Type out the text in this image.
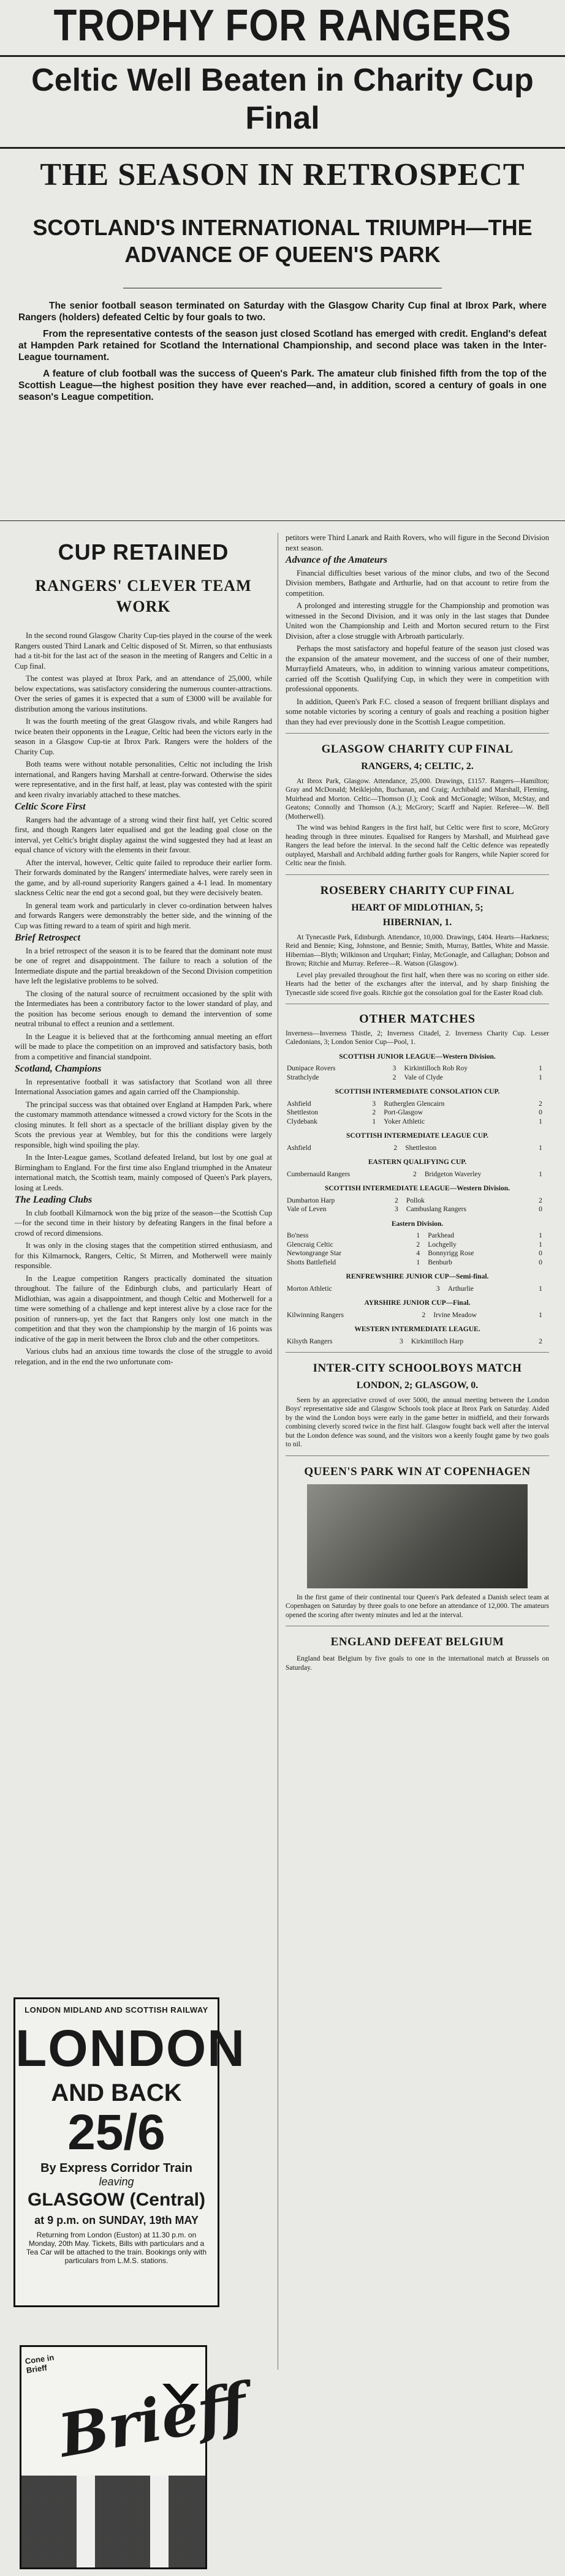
TROPHY FOR RANGERS
Celtic Well Beaten in Charity Cup Final
THE SEASON IN RETROSPECT
SCOTLAND'S INTERNATIONAL TRIUMPH—THE ADVANCE OF QUEEN'S PARK

The senior football season terminated on Saturday with the Glasgow Charity Cup final at Ibrox Park, where Rangers (holders) defeated Celtic by four goals to two.

From the representative contests of the season just closed Scotland has emerged with credit. England's defeat at Hampden Park retained for Scotland the International Championship, and second place was taken in the Inter-League tournament.

A feature of club football was the success of Queen's Park. The amateur club finished fifth from the top of the Scottish League—the highest position they have ever reached—and, in addition, scored a century of goals in one season's League competition.

CUP RETAINED
RANGERS' CLEVER TEAM WORK

In the second round Glasgow Charity Cup-ties played in the course of the week Rangers ousted Third Lanark and Celtic disposed of St. Mirren, so that enthusiasts had a tit-bit for the last act of the season in the meeting of Rangers and Celtic in a Cup final.

The contest was played at Ibrox Park, and an attendance of 25,000, while below expectations, was satisfactory considering the numerous counter-attractions. Over the series of games it is expected that a sum of £3000 will be available for distribution among the various institutions.

It was the fourth meeting of the great Glasgow rivals, and while Rangers had twice beaten their opponents in the League, Celtic had been the victors early in the season in a Glasgow Cup-tie at Ibrox Park. Rangers were the holders of the Charity Cup.

Both teams were without notable personalities, Celtic not including the Irish international, and Rangers having Marshall at centre-forward. Otherwise the sides were representative, and in the first half, at least, play was contested with the spirit and keen rivalry invariably attached to these matches.

Celtic Score First

Rangers had the advantage of a strong wind their first half, yet Celtic scored first, and though Rangers later equalised and got the leading goal close on the interval, yet Celtic's bright display against the wind suggested they had at least an equal chance of victory with the elements in their favour.

After the interval, however, Celtic quite failed to reproduce their earlier form. Their forwards dominated by the Rangers' intermediate halves, were rarely seen in the game, and by all-round superiority Rangers gained a 4-1 lead. In momentary slackness Celtic near the end got a second goal, but they were decisively beaten.

In general team work and particularly in clever co-ordination between halves and forwards Rangers were demonstrably the better side, and the winning of the Cup was fitting reward to a team of spirit and high merit.

Brief Retrospect

In a brief retrospect of the season it is to be feared that the dominant note must be one of regret and disappointment. The failure to reach a solution of the Intermediate dispute and the partial breakdown of the Second Division competition have left the legislative problems to be solved.

The closing of the natural source of recruitment occasioned by the split with the Intermediates has been a contributory factor to the lower standard of play, and the position has become serious enough to demand the intervention of some neutral tribunal to effect a reunion and a settlement.

In the League it is believed that at the forthcoming annual meeting an effort will be made to place the competition on an improved and satisfactory basis, both from a competitive and financial standpoint.

Scotland, Champions

In representative football it was satisfactory that Scotland won all three International Association games and again carried off the Championship.

The principal success was that obtained over England at Hampden Park, where the customary mammoth attendance witnessed a crowd victory for the Scots in the closing minutes. It fell short as a spectacle of the brilliant display given by the Scots the previous year at Wembley, but for this the conditions were largely responsible, high wind spoiling the play.

In the Inter-League games, Scotland defeated Ireland, but lost by one goal at Birmingham to England. For the first time also England triumphed in the Amateur international match, the Scottish team, mainly composed of Queen's Park players, losing at Leeds.

The Leading Clubs

In club football Kilmarnock won the big prize of the season—the Scottish Cup—for the second time in their history by defeating Rangers in the final before a crowd of record dimensions.

It was only in the closing stages that the competition stirred enthusiasm, and for this Kilmarnock, Rangers, Celtic, St Mirren, and Motherwell were mainly responsible.

In the League competition Rangers practically dominated the situation throughout. The failure of the Edinburgh clubs, and particularly Heart of Midlothian, was again a disappointment, and though Celtic and Motherwell for a time were something of a challenge and kept interest alive by a close race for the position of runners-up, yet the fact that Rangers only lost one match in the competition and that they won the championship by the margin of 16 points was indicative of the gap in merit between the Ibrox club and the other competitors.

Various clubs had an anxious time towards the close of the struggle to avoid relegation, and in the end the two unfortunate com-

LONDON MIDLAND AND SCOTTISH RAILWAY
LONDON
AND BACK
25/6
By Express Corridor Train
leaving
GLASGOW (Central)
at 9 p.m. on SUNDAY, 19th MAY
Returning from London (Euston) at 11.30 p.m. on Monday, 20th May. Tickets, Bills with particulars and a Tea Car will be attached to the train. Bookings only with particulars from L.M.S. stations.
Cone in Brieff
Brieff

petitors were Third Lanark and Raith Rovers, who will figure in the Second Division next season.

Advance of the Amateurs

Financial difficulties beset various of the minor clubs, and two of the Second Division members, Bathgate and Arthurlie, had on that account to retire from the competition.

A prolonged and interesting struggle for the Championship and promotion was witnessed in the Second Division, and it was only in the last stages that Dundee United won the Championship and Leith and Morton secured return to the First Division, after a close struggle with Arbroath particularly.

Perhaps the most satisfactory and hopeful feature of the season just closed was the expansion of the amateur movement, and the success of one of their number, Murrayfield Amateurs, who, in addition to winning various amateur competitions, carried off the Scottish Qualifying Cup, in which they were in competition with professional opponents.

In addition, Queen's Park F.C. closed a season of frequent brilliant displays and some notable victories by scoring a century of goals and reaching a position higher than they had ever previously done in the Scottish League competition.

GLASGOW CHARITY CUP FINAL
RANGERS, 4; CELTIC, 2.

At Ibrox Park, Glasgow. Attendance, 25,000. Drawings, £1157. Rangers—Hamilton; Gray and McDonald; Meiklejohn, Buchanan, and Craig; Archibald and Marshall, Fleming, Muirhead and Morton. Celtic—Thomson (J.); Cook and McGonagle; Wilson, McStay, and Geatons; Connolly and Thomson (A.); McGrory; Scarff and Napier. Referee—W. Bell (Motherwell).

The wind was behind Rangers in the first half, but Celtic were first to score, McGrory heading through in three minutes. Equalised for Rangers by Marshall, and Muirhead gave Rangers the lead before the interval. In the second half the Celtic defence was repeatedly outplayed, Marshall and Archibald adding further goals for Rangers, while Napier scored for Celtic near the finish.

ROSEBERY CHARITY CUP FINAL
HEART OF MIDLOTHIAN, 5;
HIBERNIAN, 1.

At Tynecastle Park, Edinburgh. Attendance, 10,000. Drawings, £404. Hearts—Harkness; Reid and Bennie; King, Johnstone, and Bennie; Smith, Murray, Battles, White and Massie. Hibernian—Blyth; Wilkinson and Urquhart; Finlay, McGonagle, and Callaghan; Dobson and Brown; Ritchie and Murray. Referee—R. Watson (Glasgow).

Level play prevailed throughout the first half, when there was no scoring on either side. Hearts had the better of the exchanges after the interval, and by sharp finishing the Tynecastle side scored five goals. Ritchie got the consolation goal for the Easter Road club.

OTHER MATCHES

Inverness—Inverness Thistle, 2; Inverness Citadel, 2. Inverness Charity Cup. Lesser Caledonians, 3; London Senior Cup—Pool, 1.

SCOTTISH JUNIOR LEAGUE—Western Division.
Dunipace Rovers	3	Kirkintilloch Rob Roy	1
Strathclyde	2	Vale of Clyde	1
SCOTTISH INTERMEDIATE CONSOLATION CUP.
Ashfield	3	Rutherglen Glencairn	2
Shettleston	2	Port-Glasgow	0
Clydebank	1	Yoker Athletic	1
SCOTTISH INTERMEDIATE LEAGUE CUP.
Ashfield	2	Shettleston	1
EASTERN QUALIFYING CUP.
Cumbernauld Rangers	2	Bridgeton Waverley	1
SCOTTISH INTERMEDIATE LEAGUE—Western Division.
Dumbarton Harp	2	Pollok	2
Vale of Leven	3	Cambuslang Rangers	0
Eastern Division.
Bo'ness	1	Parkhead	1
Glencraig Celtic	2	Lochgelly	1
Newtongrange Star	4	Bonnyrigg Rose	0
Shotts Battlefield	1	Benburb	0
RENFREWSHIRE JUNIOR CUP—Semi-final.
Morton Athletic	3	Arthurlie	1
AYRSHIRE JUNIOR CUP—Final.
Kilwinning Rangers	2	Irvine Meadow	1
WESTERN INTERMEDIATE LEAGUE.
Kilsyth Rangers	3	Kirkintilloch Harp	2
INTER-CITY SCHOOLBOYS MATCH
LONDON, 2; GLASGOW, 0.

Seen by an appreciative crowd of over 5000, the annual meeting between the London Boys' representative side and Glasgow Schools took place at Ibrox Park on Saturday. Aided by the wind the London boys were early in the game better in midfield, and their forwards combining cleverly scored twice in the first half. Glasgow fought back well after the interval but the London defence was sound, and the visitors won a keenly fought game by two goals to nil.

QUEEN'S PARK WIN AT COPENHAGEN

In the first game of their continental tour Queen's Park defeated a Danish select team at Copenhagen on Saturday by three goals to one before an attendance of 12,000. The amateurs opened the scoring after twenty minutes and led at the interval.

ENGLAND DEFEAT BELGIUM

England beat Belgium by five goals to one in the international match at Brussels on Saturday.
